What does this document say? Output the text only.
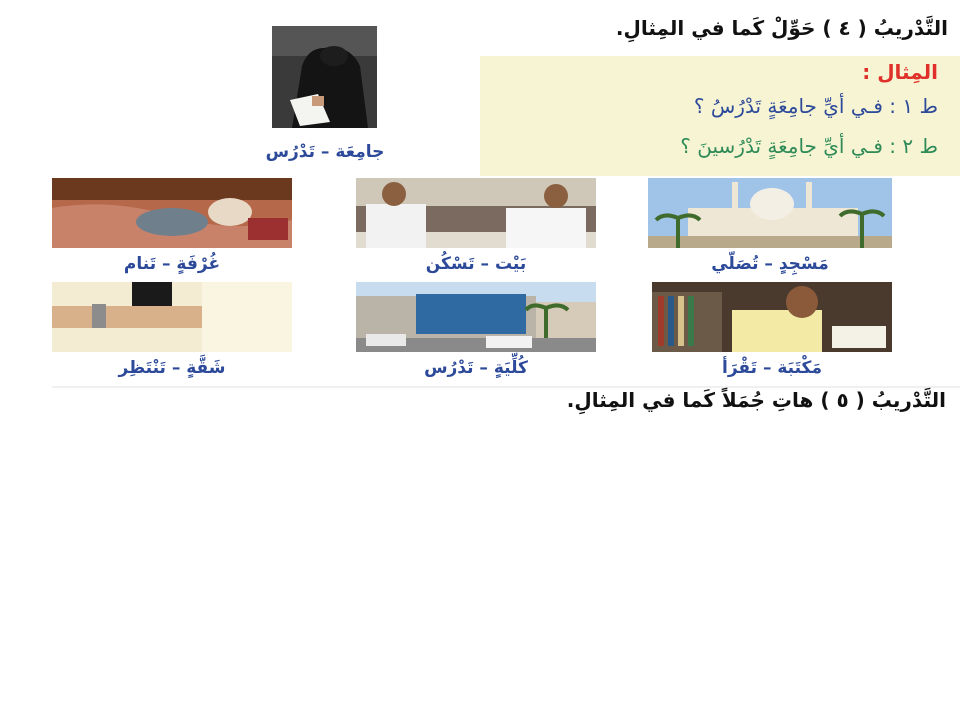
التَّدْريبُ ( ٤ ) حَوِّلْ كَما في المِثالِ.
جامِعَة – تَدْرُس
المِثال :
ط ١ : فـي أيِّ جامِعَةٍ تَدْرُسُ ؟
ط ٢ : فـي أيِّ جامِعَةٍ تَدْرُسينَ ؟
غُرْفَةٍ – تَنام	بَيْت – تَسْكُن	مَسْجِدٍ – تُصَلّي
شَقَّةٍ – تَنْتَظِر	كُلِّيَةٍ – تَدْرُس	مَكْتَبَة – تَقْرَأ
التَّدْريبُ ( ٥ ) هاتِ جُمَلاً كَما في المِثالِ.
